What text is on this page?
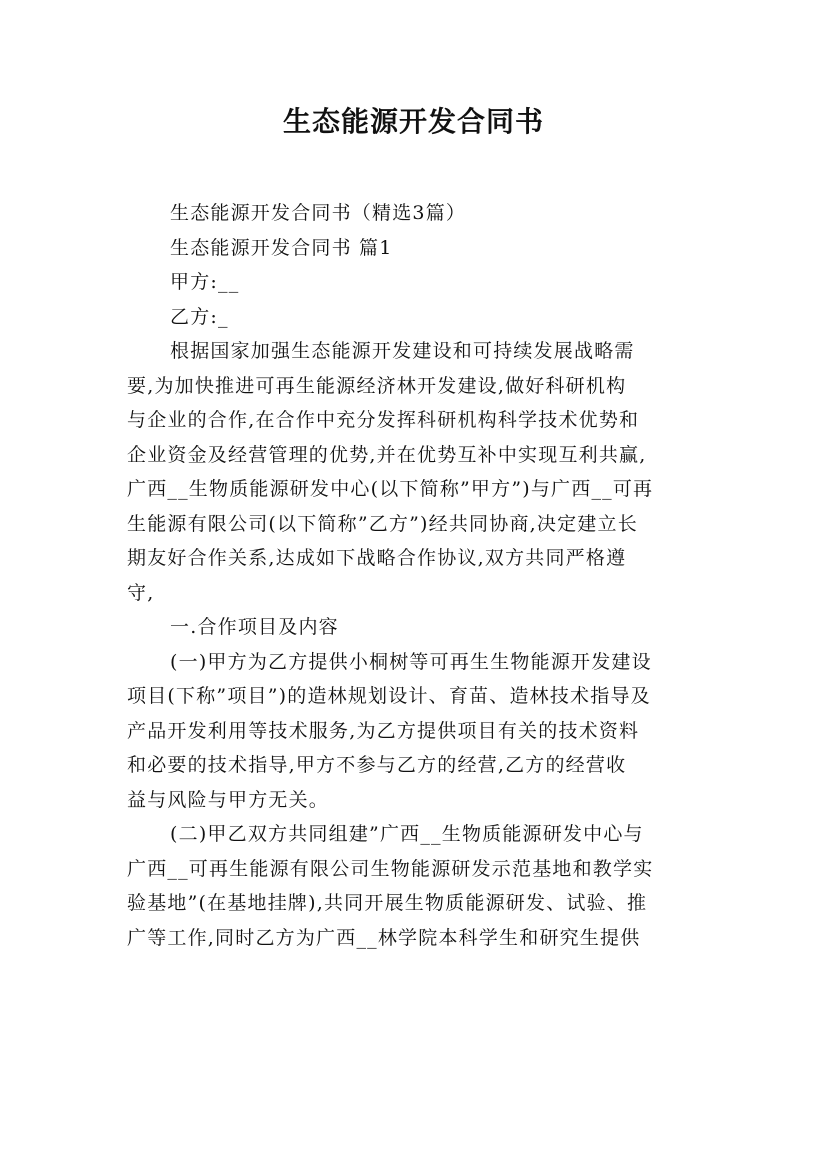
生态能源开发合同书

生态能源开发合同书（精选3篇）

生态能源开发合同书 篇1

甲方:__

乙方:_

根据国家加强生态能源开发建设和可持续发展战略需

要,为加快推进可再生能源经济林开发建设,做好科研机构

与企业的合作,在合作中充分发挥科研机构科学技术优势和

企业资金及经营管理的优势,并在优势互补中实现互利共赢,

广西__生物质能源研发中心(以下简称”甲方”)与广西__可再

生能源有限公司(以下简称”乙方”)经共同协商,决定建立长

期友好合作关系,达成如下战略合作协议,双方共同严格遵

守,

一.合作项目及内容

(一)甲方为乙方提供小桐树等可再生生物能源开发建设

项目(下称”项目”)的造林规划设计、育苗、造林技术指导及

产品开发利用等技术服务,为乙方提供项目有关的技术资料

和必要的技术指导,甲方不参与乙方的经营,乙方的经营收

益与风险与甲方无关。

(二)甲乙双方共同组建”广西__生物质能源研发中心与

广西__可再生能源有限公司生物能源研发示范基地和教学实

验基地”(在基地挂牌),共同开展生物质能源研发、试验、推

广等工作,同时乙方为广西__林学院本科学生和研究生提供
